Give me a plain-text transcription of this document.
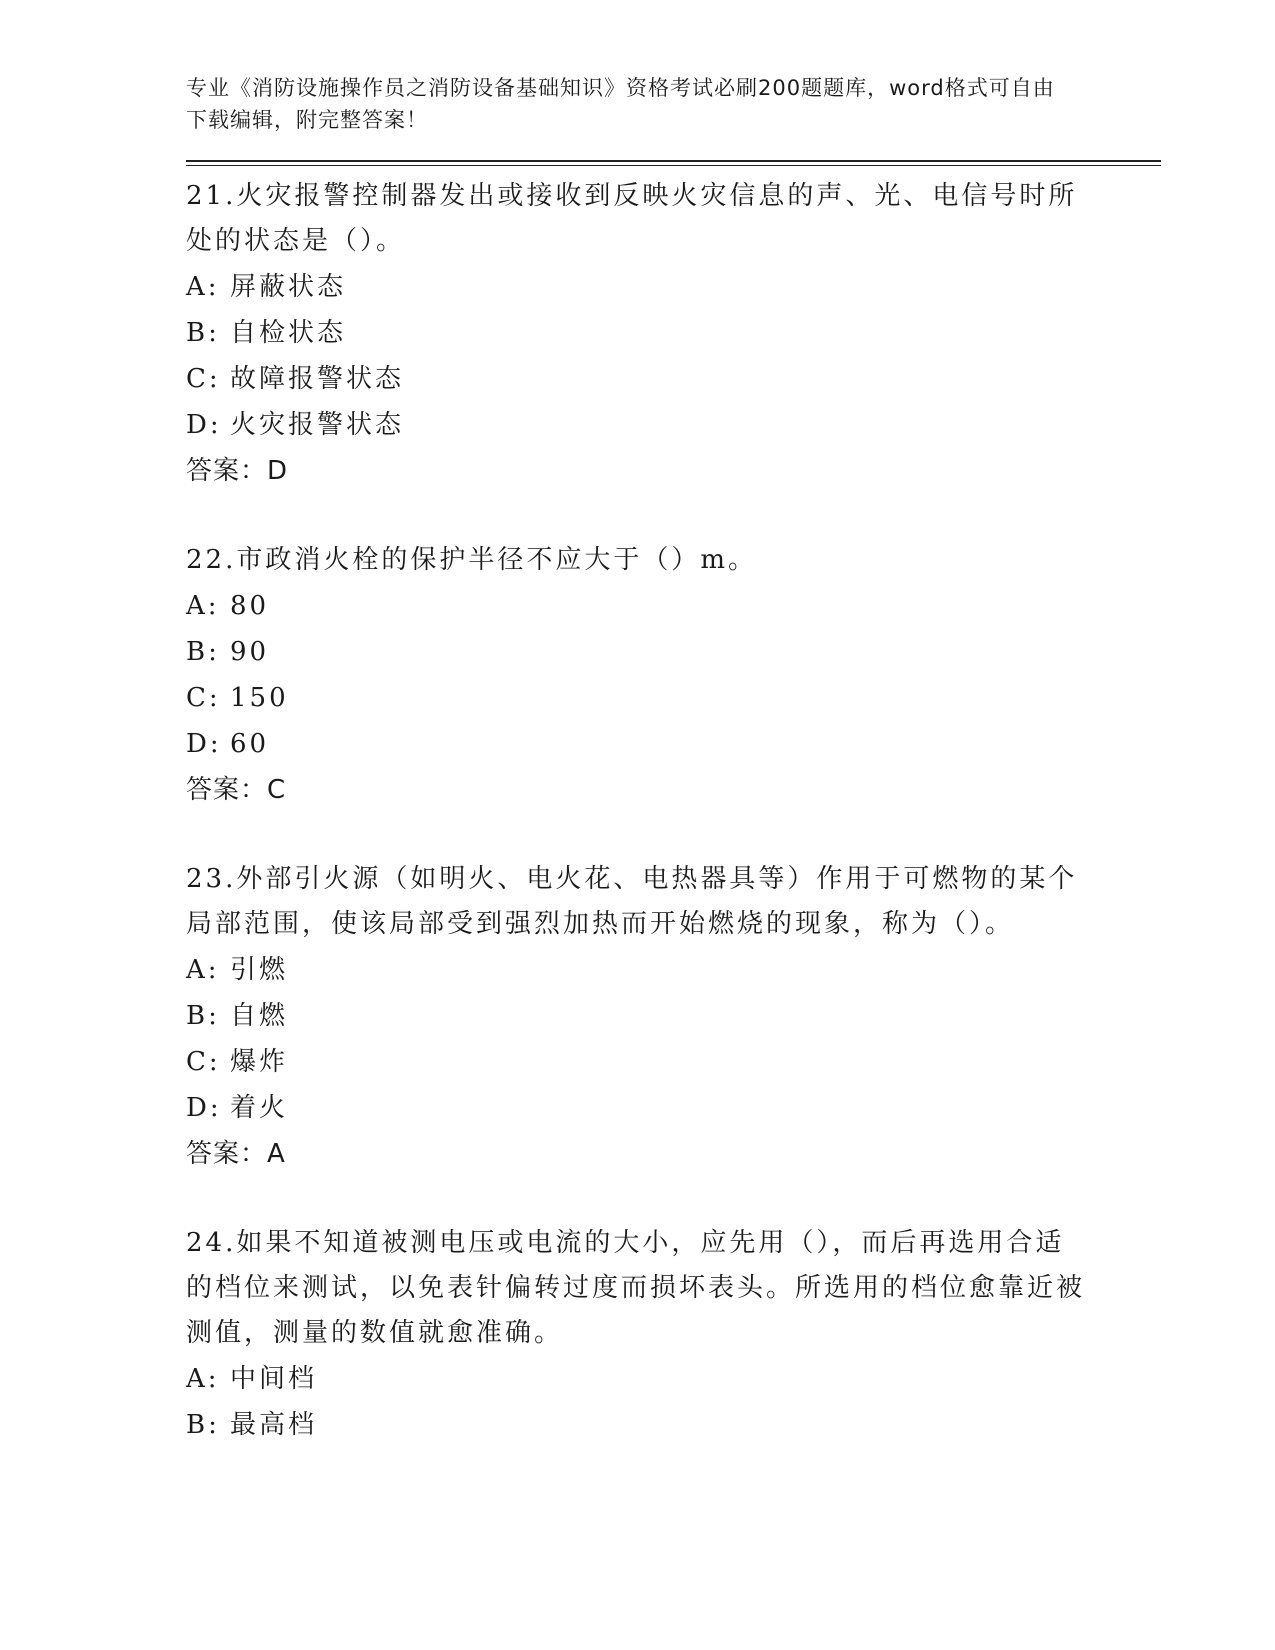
专业《消防设施操作员之消防设备基础知识》资格考试必刷200题题库，word格式可自由下载编辑，附完整答案！

21.火灾报警控制器发出或接收到反映火灾信息的声、光、电信号时所处的状态是（）。

A: 屏蔽状态

B: 自检状态

C: 故障报警状态

D: 火灾报警状态

答案：D

22.市政消火栓的保护半径不应大于（）m。

A: 80

B: 90

C: 150

D: 60

答案：C

23.外部引火源（如明火、电火花、电热器具等）作用于可燃物的某个局部范围，使该局部受到强烈加热而开始燃烧的现象，称为（）。

A: 引燃

B: 自燃

C: 爆炸

D: 着火

答案：A

24.如果不知道被测电压或电流的大小，应先用（），而后再选用合适的档位来测试，以免表针偏转过度而损坏表头。所选用的档位愈靠近被测值，测量的数值就愈准确。

A: 中间档

B: 最高档
